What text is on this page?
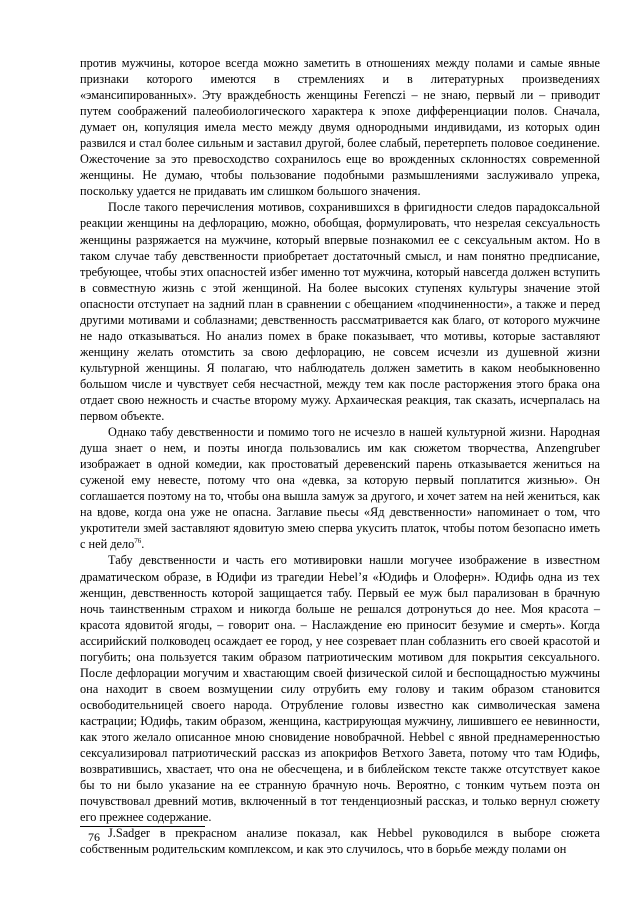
против мужчины, которое всегда можно заметить в отношениях между полами и самые явные признаки которого имеются в стремлениях и в литературных произведениях «эмансипированных». Эту враждебность женщины Ferenczi – не знаю, первый ли – приводит путем соображений палеобиологического характера к эпохе дифференциации полов. Сначала, думает он, копуляция имела место между двумя однородными индивидами, из которых один развился и стал более сильным и заставил другой, более слабый, перетерпеть половое соединение. Ожесточение за это превосходство сохранилось еще во врожденных склонностях современной женщины. Не думаю, чтобы пользование подобными размышлениями заслуживало упрека, поскольку удается не придавать им слишком большого значения.

После такого перечисления мотивов, сохранившихся в фригидности следов парадоксальной реакции женщины на дефлорацию, можно, обобщая, формулировать, что незрелая сексуальность женщины разряжается на мужчине, который впервые познакомил ее с сексуальным актом. Но в таком случае табу девственности приобретает достаточный смысл, и нам понятно предписание, требующее, чтобы этих опасностей избег именно тот мужчина, который навсегда должен вступить в совместную жизнь с этой женщиной. На более высоких ступенях культуры значение этой опасности отступает на задний план в сравнении с обещанием «подчиненности», а также и перед другими мотивами и соблазнами; девственность рассматривается как благо, от которого мужчине не надо отказываться. Но анализ помех в браке показывает, что мотивы, которые заставляют женщину желать отомстить за свою дефлорацию, не совсем исчезли из душевной жизни культурной женщины. Я полагаю, что наблюдатель должен заметить в каком необыкновенно большом числе и чувствует себя несчастной, между тем как после расторжения этого брака она отдает свою нежность и счастье второму мужу. Архаическая реакция, так сказать, исчерпалась на первом объекте.

Однако табу девственности и помимо того не исчезло в нашей культурной жизни. Народная душа знает о нем, и поэты иногда пользовались им как сюжетом творчества, Anzengruber изображает в одной комедии, как простоватый деревенский парень отказывается жениться на суженой ему невесте, потому что она «девка, за которую первый поплатится жизнью». Он соглашается поэтому на то, чтобы она вышла замуж за другого, и хочет затем на ней жениться, как на вдове, когда она уже не опасна. Заглавие пьесы «Яд девственности» напоминает о том, что укротители змей заставляют ядовитую змею сперва укусить платок, чтобы потом безопасно иметь с ней дело$^{76}$.

Табу девственности и часть его мотивировки нашли могучее изображение в известном драматическом образе, в Юдифи из трагедии Hebel’я «Юдифь и Олоферн». Юдифь одна из тех женщин, девственность которой защищается табу. Первый ее муж был парализован в брачную ночь таинственным страхом и никогда больше не решался дотронуться до нее. Моя красота – красота ядовитой ягоды, – говорит она. – Наслаждение ею приносит безумие и смерть». Когда ассирийский полководец осаждает ее город, у нее созревает план соблазнить его своей красотой и погубить; она пользуется таким образом патриотическим мотивом для покрытия сексуального. После дефлорации могучим и хвастающим своей физической силой и беспощадностью мужчины она находит в своем возмущении силу отрубить ему голову и таким образом становится освободительницей своего народа. Отрубление головы известно как символическая замена кастрации; Юдифь, таким образом, женщина, кастрирующая мужчину, лишившего ее невинности, как этого желало описанное мною сновидение новобрачной. Hebbel с явной преднамеренностью сексуализировал патриотический рассказ из апокрифов Ветхого Завета, потому что там Юдифь, возвратившись, хвастает, что она не обесчещена, и в библейском тексте также отсутствует какое бы то ни было указание на ее странную брачную ночь. Вероятно, с тонким чутьем поэта он почувствовал древний мотив, включенный в тот тенденциозный рассказ, и только вернул сюжету его прежнее содержание.

J.Sadger в прекрасном анализе показал, как Hebbel руководился в выборе сюжета собственным родительским комплексом, и как это случилось, что в борьбе между полами он

76
